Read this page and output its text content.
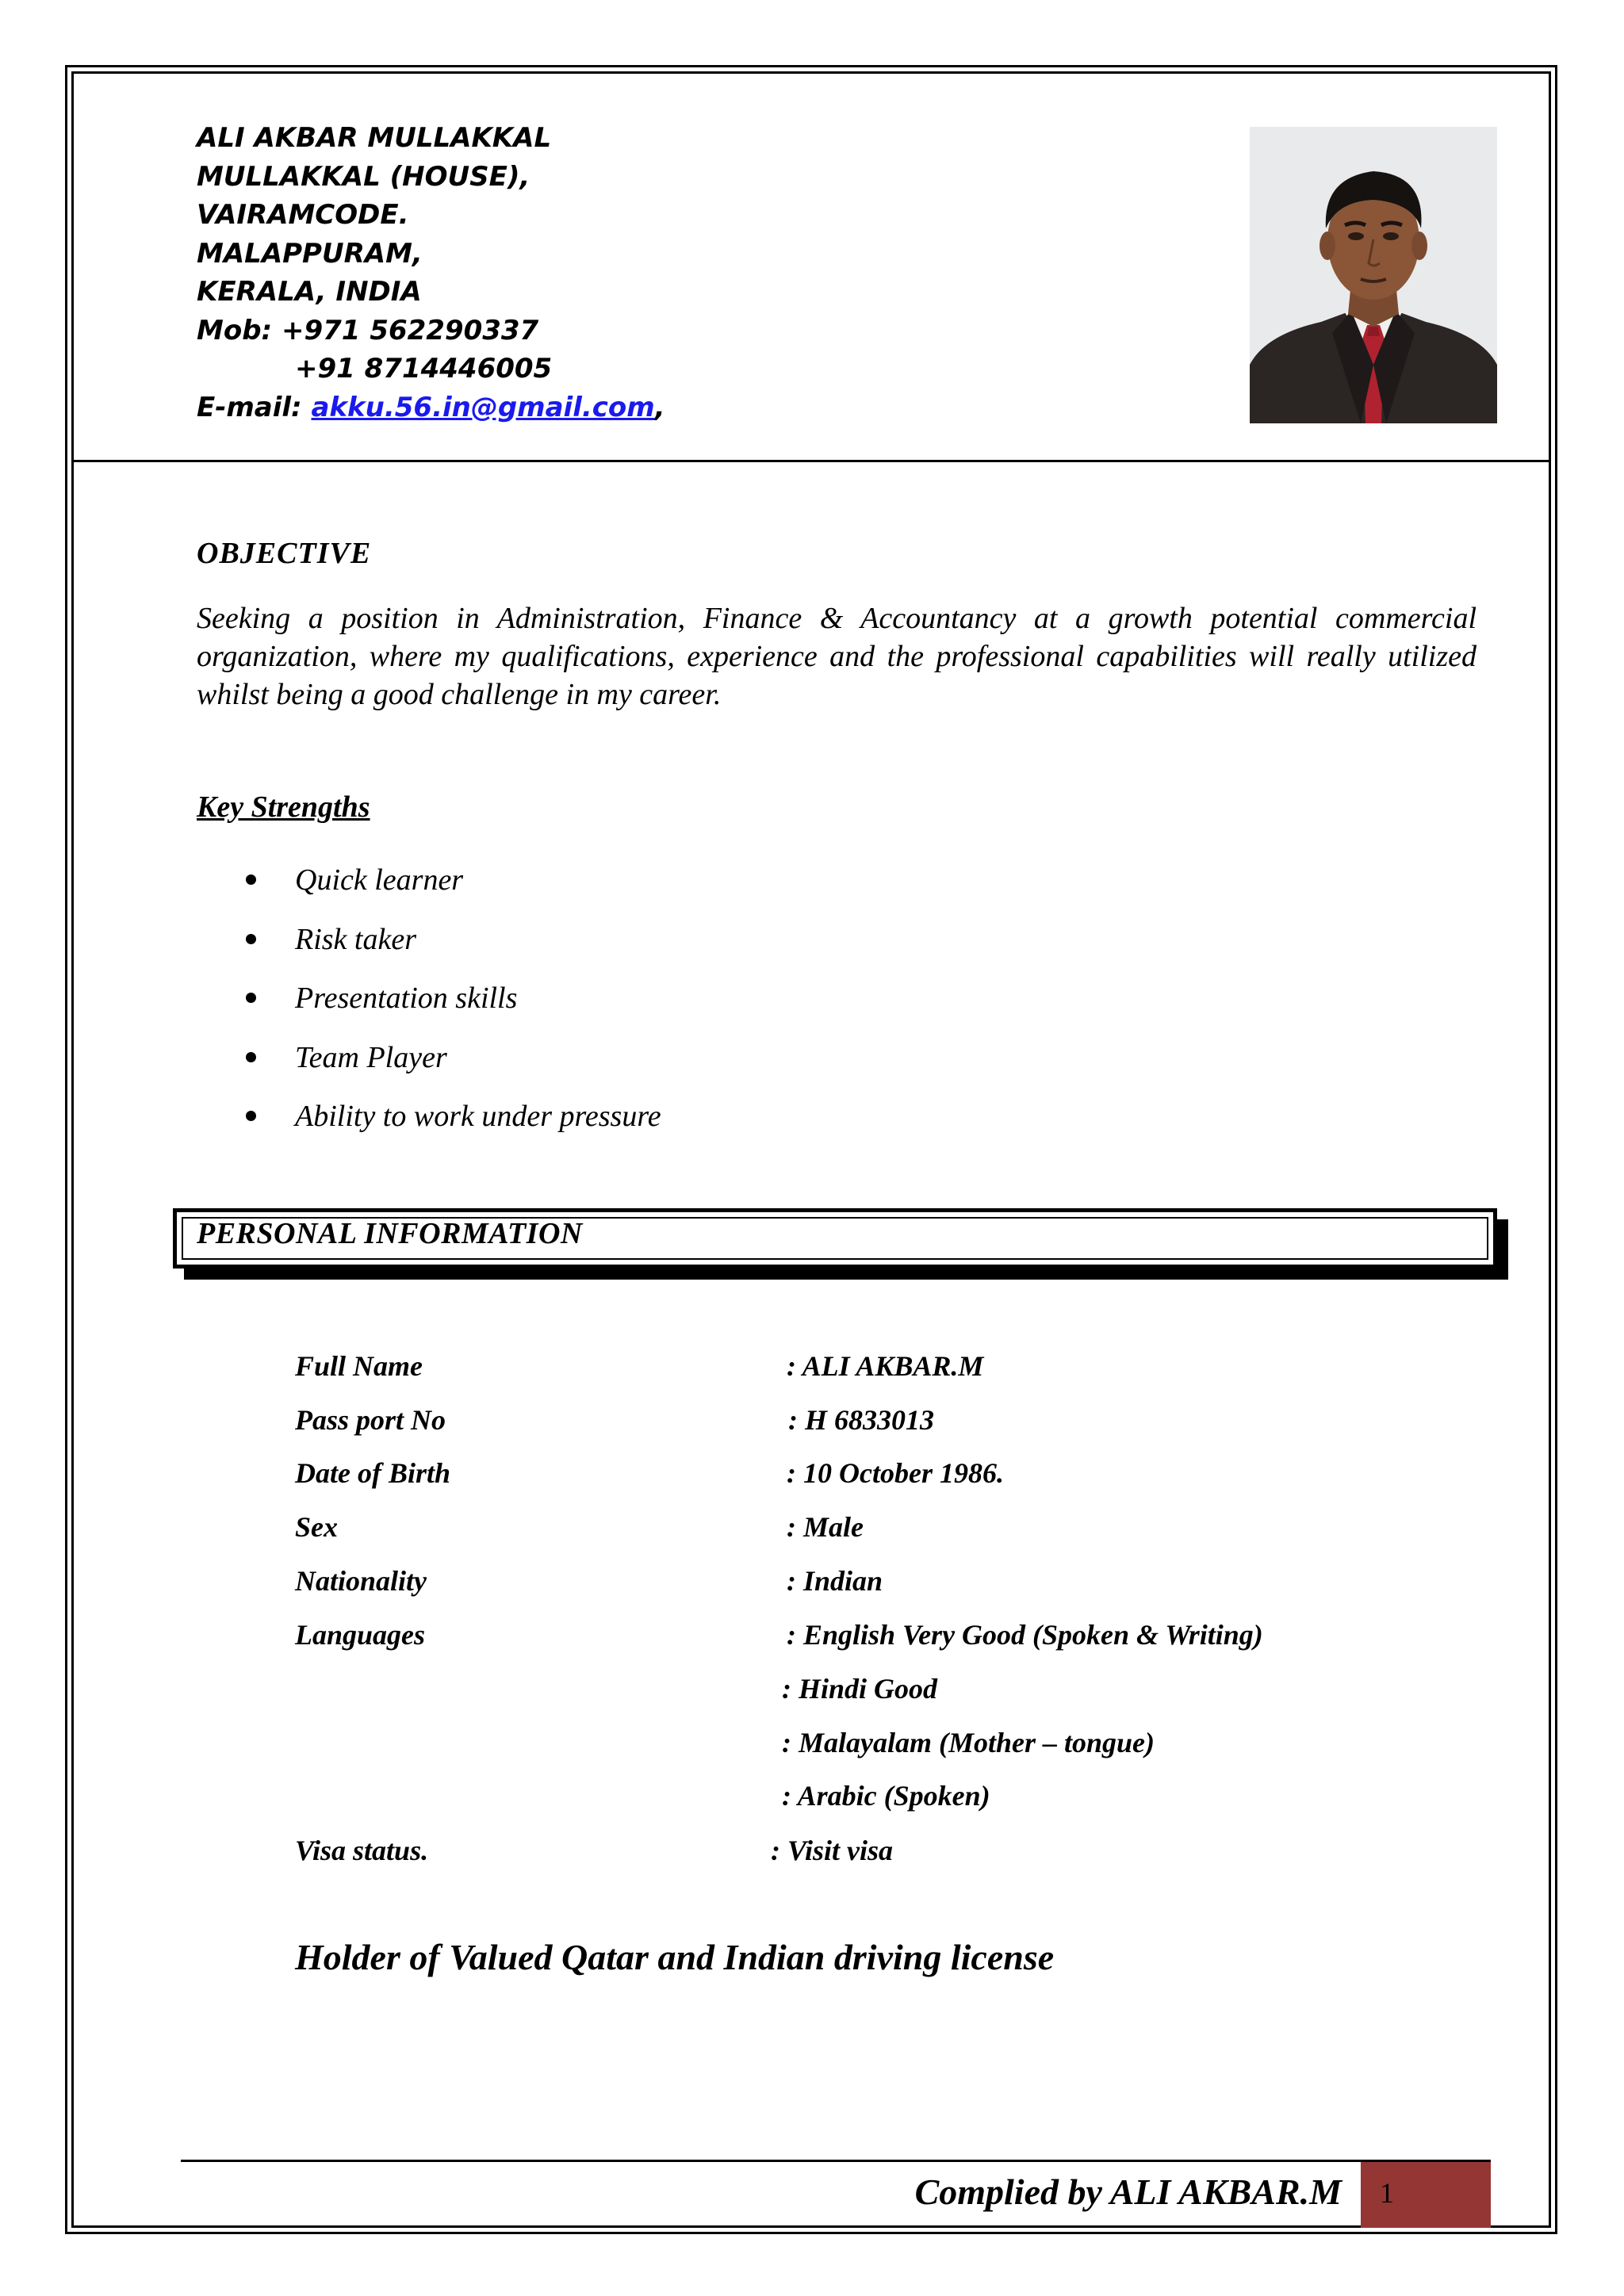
ALI AKBAR MULLAKKAL
MULLAKKAL (HOUSE),
VAIRAMCODE.
MALAPPURAM,
KERALA, INDIA
Mob: +971 562290337
+91 8714446005
E-mail: akku.56.in@gmail.com,
OBJECTIVE
Seeking a position in Administration, Finance & Accountancy at a growth potential commercial organization, where my qualifications, experience and the professional capabilities will really utilized whilst being a good challenge in my career.
Key Strengths
Quick learner
Risk taker
Presentation skills
Team Player
Ability to work under pressure
PERSONAL INFORMATION
Full Name	: ALI AKBAR.M
Pass port No	: H 6833013
Date of Birth	: 10 October 1986.
Sex	: Male
Nationality	: Indian
Languages	: English Very Good (Spoken & Writing)
: Hindi Good
: Malayalam (Mother – tongue)
: Arabic (Spoken)
Visa status.	: Visit visa
Holder of Valued Qatar and Indian driving license
Complied by ALI AKBAR.M 1
